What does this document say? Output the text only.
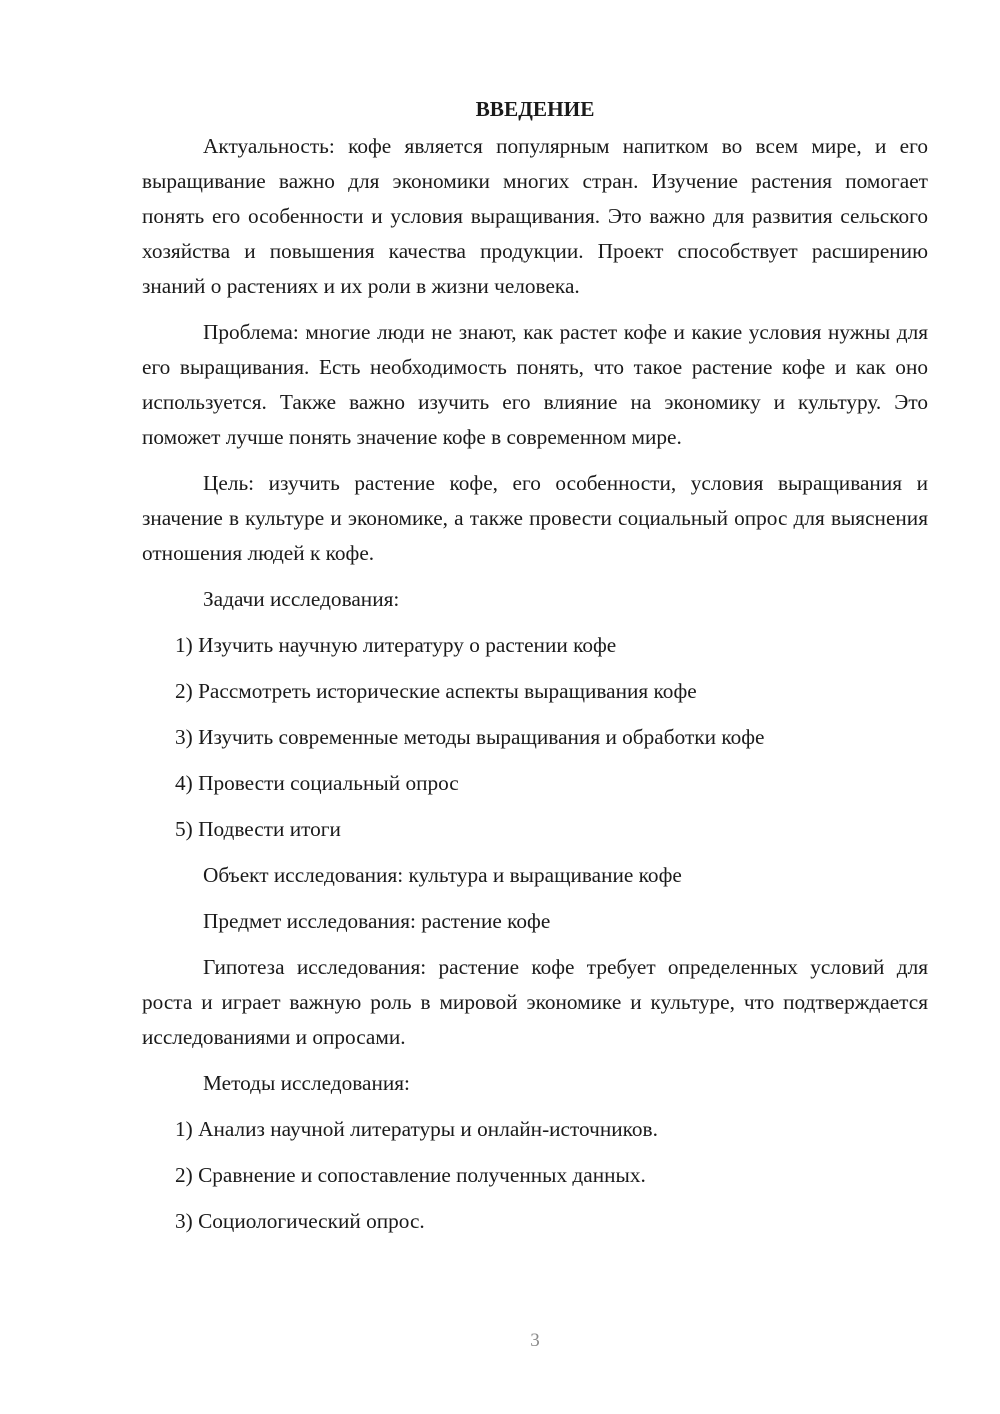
ВВЕДЕНИЕ

Актуальность: кофе является популярным напитком во всем мире, и его выращивание важно для экономики многих стран. Изучение растения помогает понять его особенности и условия выращивания. Это важно для развития сельского хозяйства и повышения качества продукции. Проект способствует расширению знаний о растениях и их роли в жизни человека.

Проблема: многие люди не знают, как растет кофе и какие условия нужны для его выращивания. Есть необходимость понять, что такое растение кофе и как оно используется. Также важно изучить его влияние на экономику и культуру. Это поможет лучше понять значение кофе в современном мире.

Цель: изучить растение кофе, его особенности, условия выращивания и значение в культуре и экономике, а также провести социальный опрос для выяснения отношения людей к кофе.

Задачи исследования:

1) Изучить научную литературу о растении кофе
2) Рассмотреть исторические аспекты выращивания кофе
3) Изучить современные методы выращивания и обработки кофе
4) Провести социальный опрос
5) Подвести итоги

Объект исследования: культура и выращивание кофе

Предмет исследования: растение кофе

Гипотеза исследования: растение кофе требует определенных условий для роста и играет важную роль в мировой экономике и культуре, что подтверждается исследованиями и опросами.

Методы исследования:

1) Анализ научной литературы и онлайн-источников.
2) Сравнение и сопоставление полученных данных.
3) Социологический опрос.
3
